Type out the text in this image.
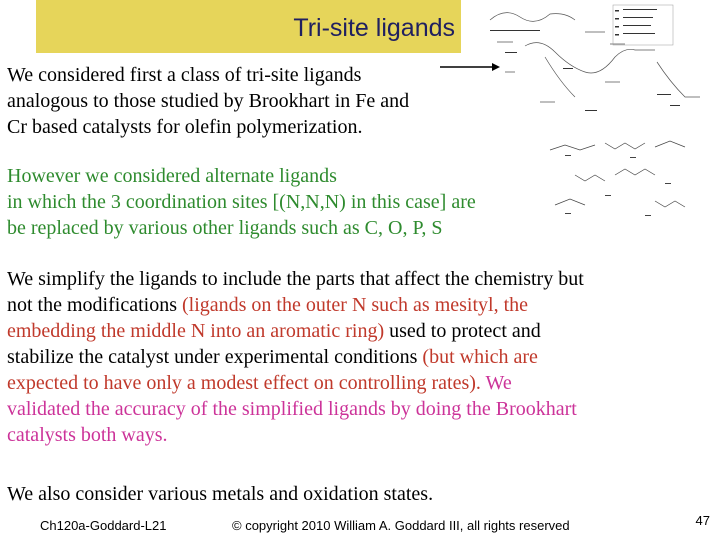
Tri-site ligands

We considered first a class of tri-site ligands
analogous to those studied by Brookhart in Fe and
Cr based catalysts for olefin polymerization.

However we considered alternate ligands
in which the 3 coordination sites [(N,N,N) in this case] are
be replaced by various other ligands such as C, O, P, S

We simplify the ligands to include the parts that affect the chemistry but
not the modifications (ligands on the outer N such as mesityl, the
embedding the middle N into an aromatic ring) used to protect and
stabilize the catalyst under experimental conditions (but which are
expected to have only a modest effect on controlling rates). We
validated the accuracy of the simplified ligands by doing the Brookhart
catalysts both ways.

We also consider various metals and oxidation states.

Ch120a-Goddard-L21	© copyright 2010 William A. Goddard III, all rights reserved	47
